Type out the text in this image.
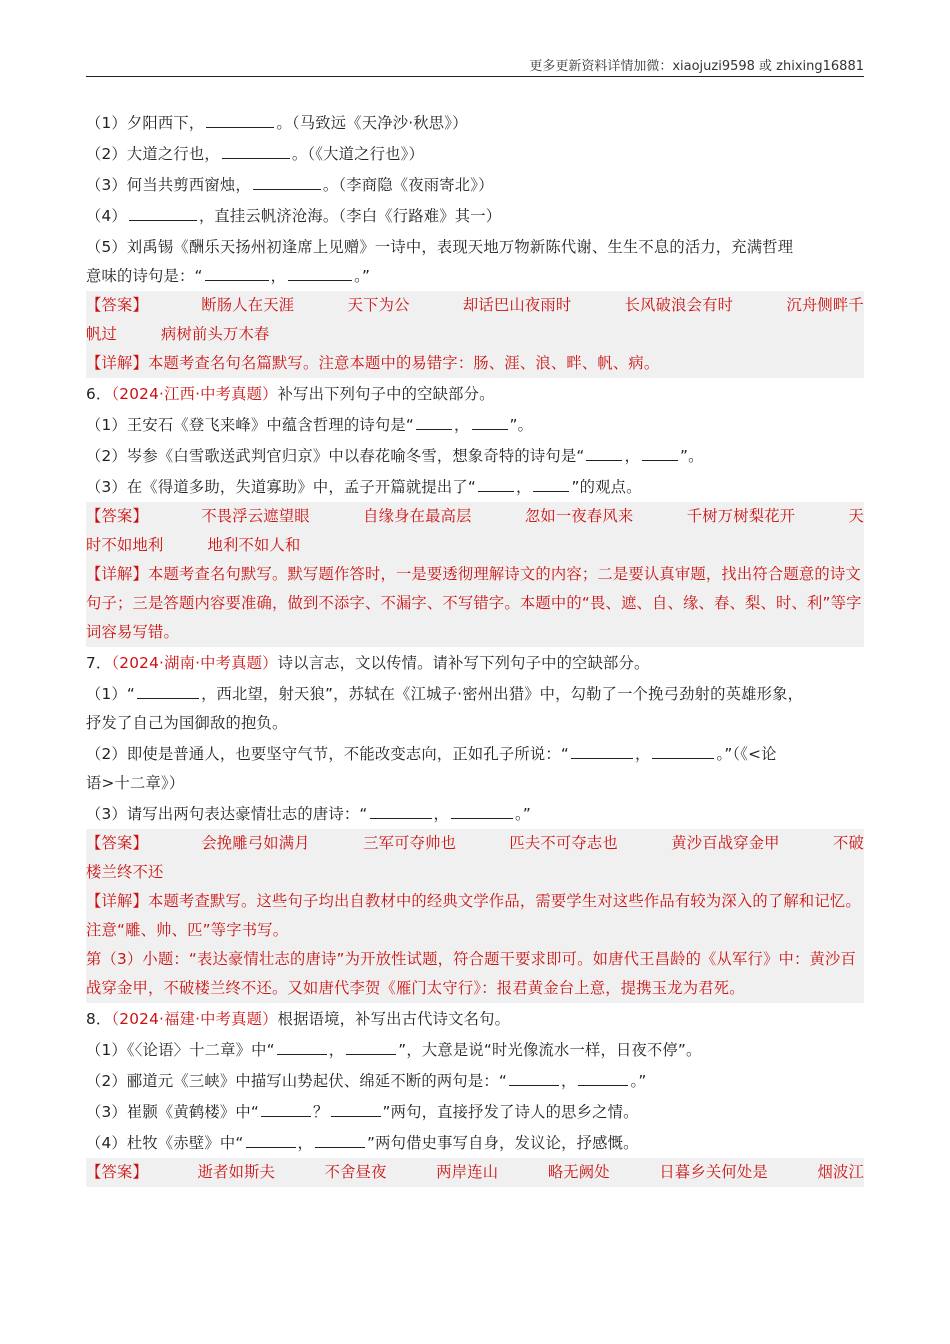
更多更新资料详情加微：xiaojuzi9598 或 zhixing16881
（1）夕阳西下，	。（马致远《天净沙·秋思》）
（2）大道之行也，	。（《大道之行也》）
（3）何当共剪西窗烛，	。（李商隐《夜雨寄北》）
（4）	，直挂云帆济沧海。（李白《行路难》其一）
（5）刘禹锡《酬乐天扬州初逢席上见赠》一诗中，表现天地万物新陈代谢、生生不息的活力，充满哲理
意味的诗句是：“	，	。”
【答案】	断肠人在天涯	天下为公	却话巴山夜雨时	长风破浪会有时	沉舟侧畔千
帆过	病树前头万木春
【详解】本题考查名句名篇默写。注意本题中的易错字：肠、涯、浪、畔、帆、病。
6．（2024·江西·中考真题）补写出下列句子中的空缺部分。
（1）王安石《登飞来峰》中蕴含哲理的诗句是“	，	”。
（2）岑参《白雪歌送武判官归京》中以春花喻冬雪，想象奇特的诗句是“	，	”。
（3）在《得道多助，失道寡助》中，孟子开篇就提出了“	，	”的观点。
【答案】	不畏浮云遮望眼	自缘身在最高层	忽如一夜春风来	千树万树梨花开	天
时不如地利	地利不如人和
【详解】本题考查名句默写。默写题作答时，一是要透彻理解诗文的内容；二是要认真审题，找出符合题意的诗文句子；三是答题内容要准确，做到不添字、不漏字、不写错字。本题中的“畏、遮、自、缘、春、梨、时、利”等字词容易写错。
7．（2024·湖南·中考真题）诗以言志，文以传情。请补写下列句子中的空缺部分。
（1）“	，西北望，射天狼”，苏轼在《江城子·密州出猎》中，勾勒了一个挽弓劲射的英雄形象，
抒发了自己为国御敌的抱负。
（2）即使是普通人，也要坚守气节，不能改变志向，正如孔子所说：“	，	。”（《<论
语>十二章》）
（3）请写出两句表达豪情壮志的唐诗：“	，	。”
【答案】	会挽雕弓如满月	三军可夺帅也	匹夫不可夺志也	黄沙百战穿金甲	不破
楼兰终不还
【详解】本题考查默写。这些句子均出自教材中的经典文学作品，需要学生对这些作品有较为深入的了解和记忆。注意“雕、帅、匹”等字书写。
第（3）小题：“表达豪情壮志的唐诗”为开放性试题，符合题干要求即可。如唐代王昌龄的《从军行》中：黄沙百战穿金甲，不破楼兰终不还。又如唐代李贺《雁门太守行》：报君黄金台上意，提携玉龙为君死。
8．（2024·福建·中考真题）根据语境，补写出古代诗文名句。
（1）《〈论语〉十二章》中“	，	”，大意是说“时光像流水一样，日夜不停”。
（2）郦道元《三峡》中描写山势起伏、绵延不断的两句是：“	，	。”
（3）崔颢《黄鹤楼》中“	？	”两句，直接抒发了诗人的思乡之情。
（4）杜牧《赤壁》中“	，	”两句借史事写自身，发议论，抒感慨。
【答案】	逝者如斯夫	不舍昼夜	两岸连山	略无阙处	日暮乡关何处是	烟波江
